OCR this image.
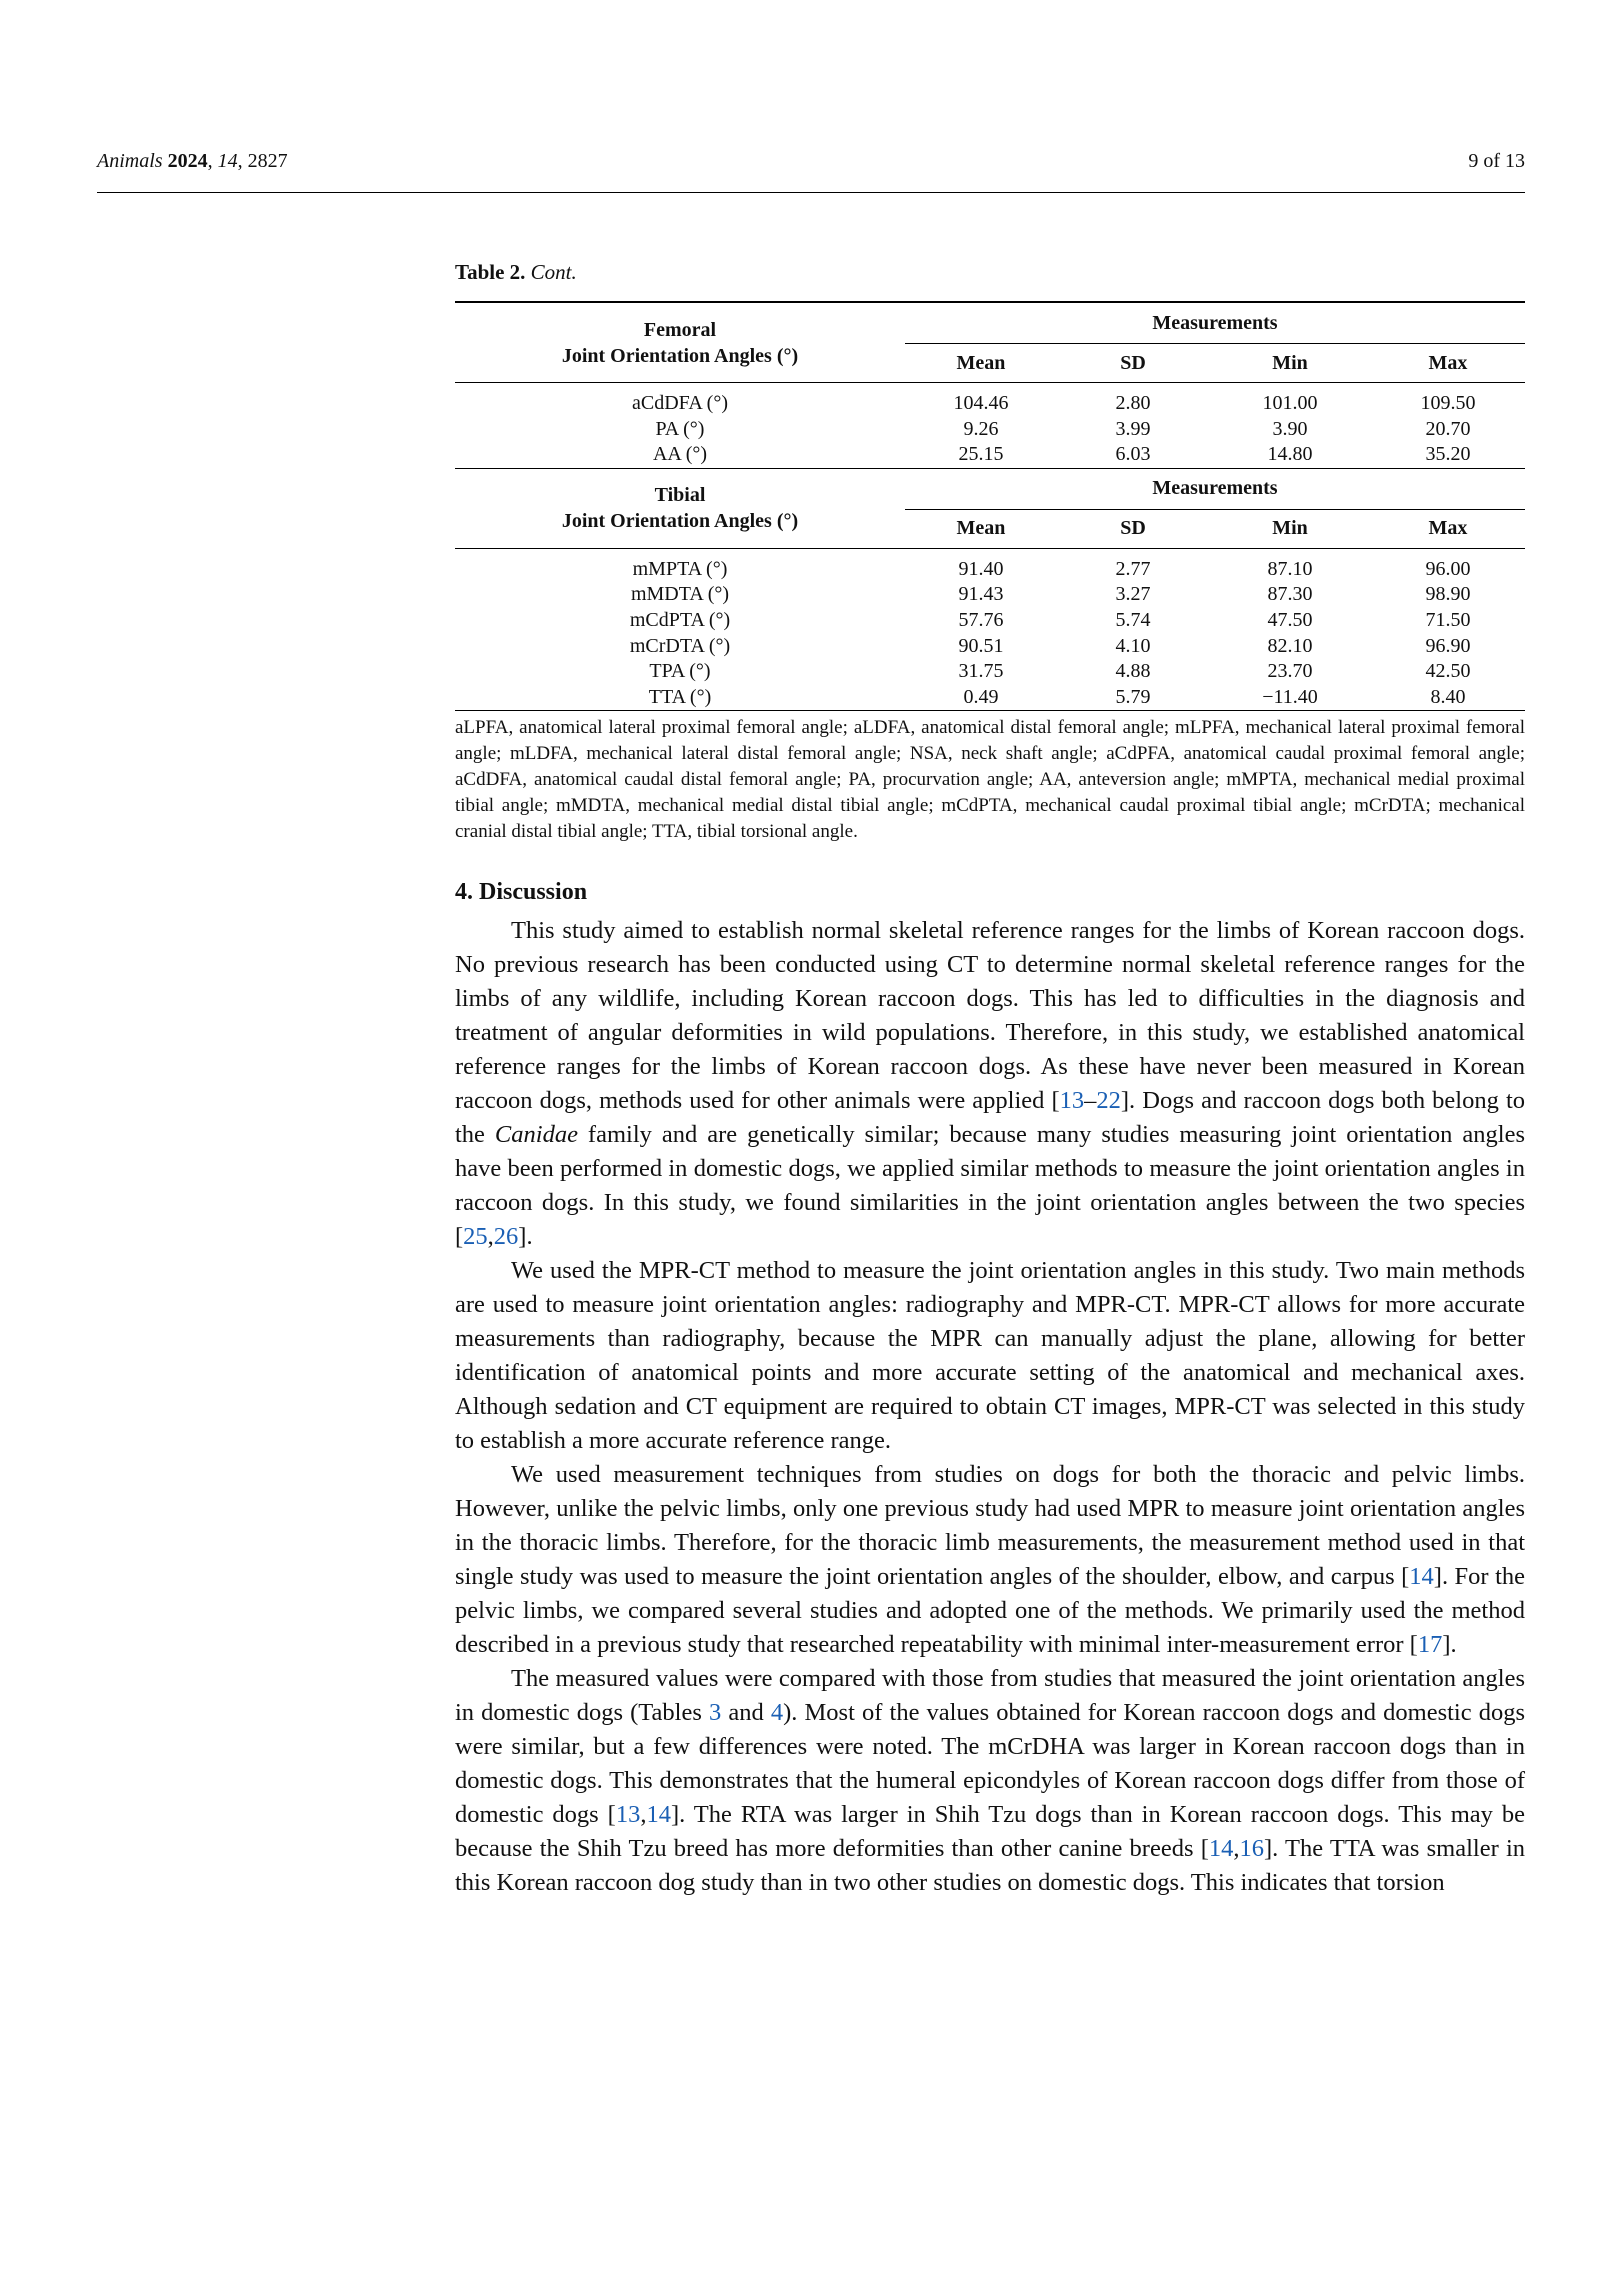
Animals 2024, 14, 2827	9 of 13
Table 2. Cont.
Femoral
Joint Orientation Angles (°)	Measurements			
	Mean	SD	Min	Max
aCdDFA (°)	104.46	2.80	101.00	109.50
PA (°)	9.26	3.99	3.90	20.70
AA (°)	25.15	6.03	14.80	35.20
Tibial
Joint Orientation Angles (°)	Measurements			
	Mean	SD	Min	Max
mMPTA (°)	91.40	2.77	87.10	96.00
mMDTA (°)	91.43	3.27	87.30	98.90
mCdPTA (°)	57.76	5.74	47.50	71.50
mCrDTA (°)	90.51	4.10	82.10	96.90
TPA (°)	31.75	4.88	23.70	42.50
TTA (°)	0.49	5.79	−11.40	8.40
aLPFA, anatomical lateral proximal femoral angle; aLDFA, anatomical distal femoral angle; mLPFA, mechanical lateral proximal femoral angle; mLDFA, mechanical lateral distal femoral angle; NSA, neck shaft angle; aCdPFA, anatomical caudal proximal femoral angle; aCdDFA, anatomical caudal distal femoral angle; PA, procurvation angle; AA, anteversion angle; mMPTA, mechanical medial proximal tibial angle; mMDTA, mechanical medial distal tibial angle; mCdPTA, mechanical caudal proximal tibial angle; mCrDTA; mechanical cranial distal tibial angle; TTA, tibial torsional angle.
4. Discussion

This study aimed to establish normal skeletal reference ranges for the limbs of Korean raccoon dogs. No previous research has been conducted using CT to determine normal skeletal reference ranges for the limbs of any wildlife, including Korean raccoon dogs. This has led to difficulties in the diagnosis and treatment of angular deformities in wild populations. Therefore, in this study, we established anatomical reference ranges for the limbs of Korean raccoon dogs. As these have never been measured in Korean raccoon dogs, methods used for other animals were applied [13–22]. Dogs and raccoon dogs both belong to the Canidae family and are genetically similar; because many studies measuring joint orientation angles have been performed in domestic dogs, we applied similar methods to measure the joint orientation angles in raccoon dogs. In this study, we found similarities in the joint orientation angles between the two species [25,26].

We used the MPR-CT method to measure the joint orientation angles in this study. Two main methods are used to measure joint orientation angles: radiography and MPR-CT. MPR-CT allows for more accurate measurements than radiography, because the MPR can manually adjust the plane, allowing for better identification of anatomical points and more accurate setting of the anatomical and mechanical axes. Although sedation and CT equipment are required to obtain CT images, MPR-CT was selected in this study to establish a more accurate reference range.

We used measurement techniques from studies on dogs for both the thoracic and pelvic limbs. However, unlike the pelvic limbs, only one previous study had used MPR to measure joint orientation angles in the thoracic limbs. Therefore, for the thoracic limb measurements, the measurement method used in that single study was used to measure the joint orientation angles of the shoulder, elbow, and carpus [14]. For the pelvic limbs, we compared several studies and adopted one of the methods. We primarily used the method described in a previous study that researched repeatability with minimal inter-measurement error [17].

The measured values were compared with those from studies that measured the joint orientation angles in domestic dogs (Tables 3 and 4). Most of the values obtained for Korean raccoon dogs and domestic dogs were similar, but a few differences were noted. The mCrDHA was larger in Korean raccoon dogs than in domestic dogs. This demonstrates that the humeral epicondyles of Korean raccoon dogs differ from those of domestic dogs [13,14]. The RTA was larger in Shih Tzu dogs than in Korean raccoon dogs. This may be because the Shih Tzu breed has more deformities than other canine breeds [14,16]. The TTA was smaller in this Korean raccoon dog study than in two other studies on domestic dogs. This indicates that torsion
